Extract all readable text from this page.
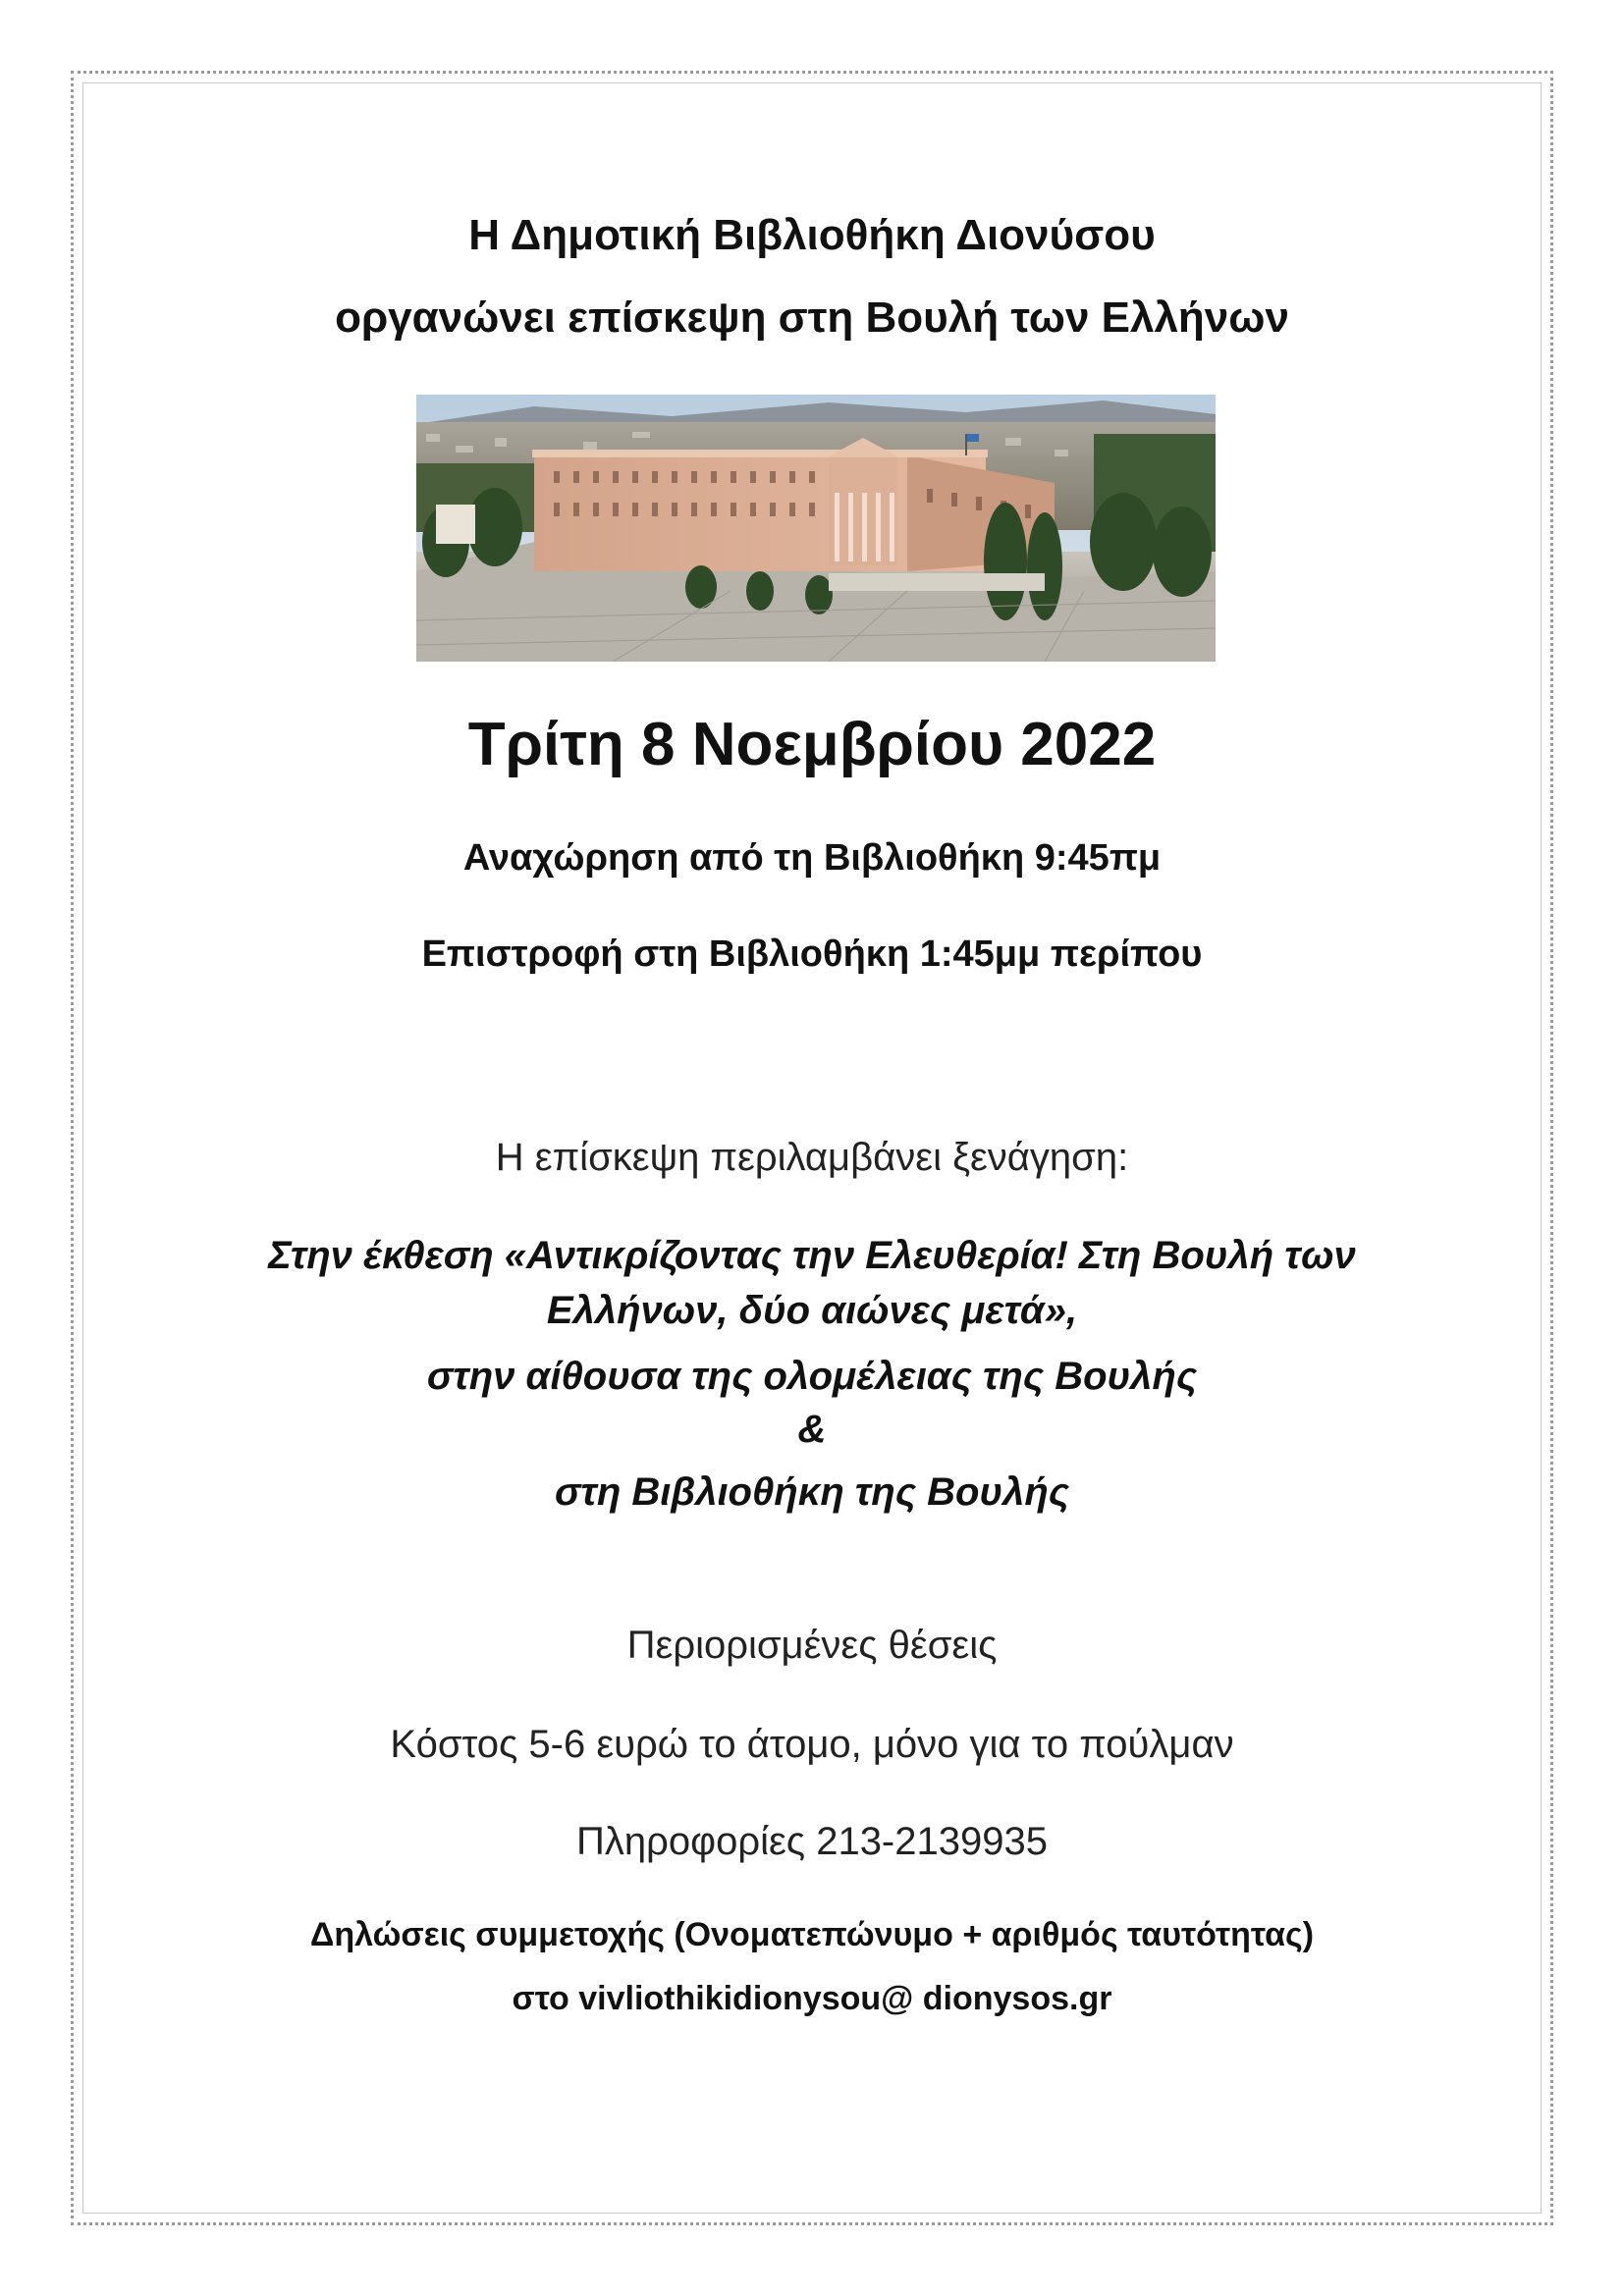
Η Δημοτική Βιβλιοθήκη Διονύσου
οργανώνει επίσκεψη στη Βουλή των Ελλήνων
Τρίτη 8 Νοεμβρίου 2022
Αναχώρηση από τη Βιβλιοθήκη 9:45πμ
Επιστροφή στη Βιβλιοθήκη 1:45μμ περίπου
Η επίσκεψη περιλαμβάνει ξενάγηση:
Στην έκθεση «Αντικρίζοντας την Ελευθερία! Στη Βουλή των
Ελλήνων, δύο αιώνες μετά»,
στην αίθουσα της ολομέλειας της Βουλής
&
στη Βιβλιοθήκη της Βουλής
Περιορισμένες θέσεις
Κόστος 5-6 ευρώ το άτομο, μόνο για το πούλμαν
Πληροφορίες 213-2139935
Δηλώσεις συμμετοχής (Ονοματεπώνυμο + αριθμός ταυτότητας)
στο vivliothikidionysou@ dionysos.gr
